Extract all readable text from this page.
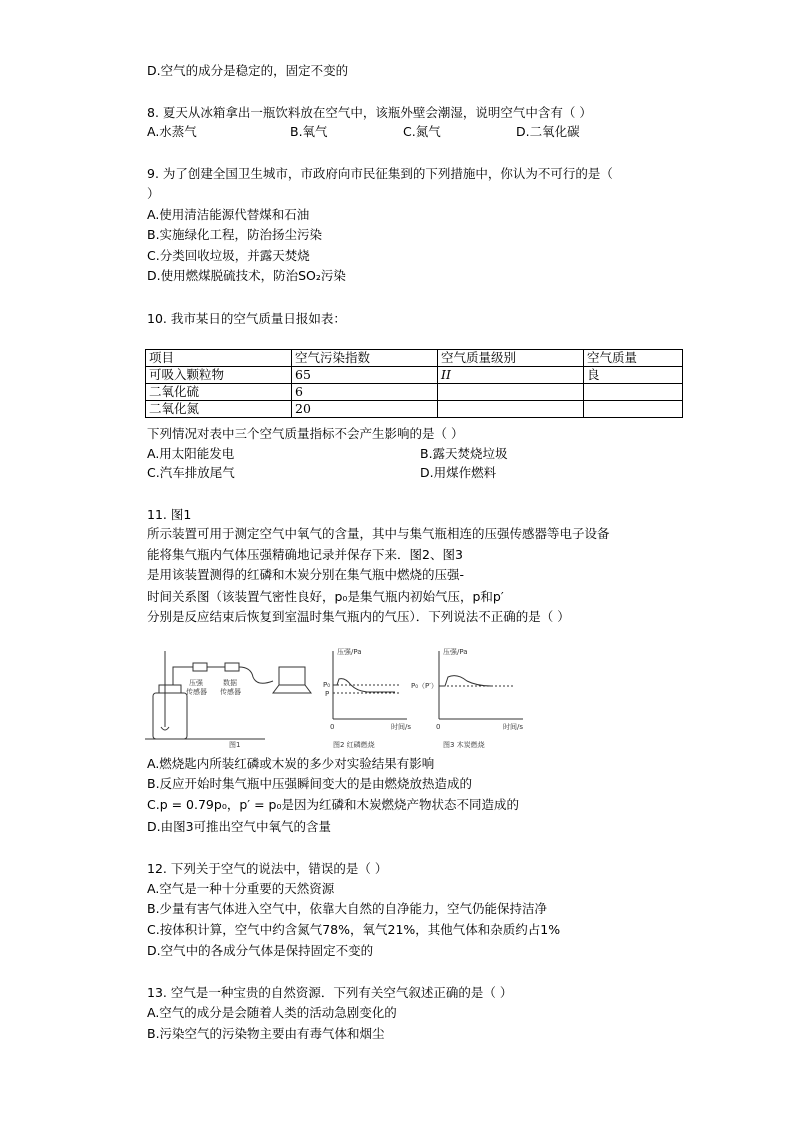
D.空气的成分是稳定的，固定不变的
8. 夏天从冰箱拿出一瓶饮料放在空气中，该瓶外壁会潮湿，说明空气中含有（ ）
A.水蒸气	B.氧气	C.氮气	D.二氧化碳
9. 为了创建全国卫生城市，市政府向市民征集到的下列措施中，你认为不可行的是（
）
A.使用清洁能源代替煤和石油
B.实施绿化工程，防治扬尘污染
C.分类回收垃圾，并露天焚烧
D.使用燃煤脱硫技术，防治SO₂污染
10. 我市某日的空气质量日报如表：
项目	空气污染指数	空气质量级别	空气质量
可吸入颗粒物	65	II	良
二氧化硫	6		
二氧化氮	20		
下列情况对表中三个空气质量指标不会产生影响的是（ ）
A.用太阳能发电	B.露天焚烧垃圾
C.汽车排放尾气	D.用煤作燃料
11. 图1
所示装置可用于测定空气中氧气的含量，其中与集气瓶相连的压强传感器等电子设备
能将集气瓶内气体压强精确地记录并保存下来．图2、图3
是用该装置测得的红磷和木炭分别在集气瓶中燃烧的压强-
时间关系图（该装置气密性良好，p₀是集气瓶内初始气压，p和p′
分别是反应结束后恢复到室温时集气瓶内的气压）．下列说法不正确的是（ ）
压强
传感器
数据
传感器
图1
压强/Pa
P₀
P
0	时间/s
图2 红磷燃烧
压强/Pa
P₀（P′）
0	时间/s
图3 木炭燃烧
A.燃烧匙内所装红磷或木炭的多少对实验结果有影响
B.反应开始时集气瓶中压强瞬间变大的是由燃烧放热造成的
C.p = 0.79p₀，p′ = p₀是因为红磷和木炭燃烧产物状态不同造成的
D.由图3可推出空气中氧气的含量
12. 下列关于空气的说法中，错误的是（ ）
A.空气是一种十分重要的天然资源
B.少量有害气体进入空气中，依靠大自然的自净能力，空气仍能保持洁净
C.按体积计算，空气中约含氮气78%，氧气21%，其他气体和杂质约占1%
D.空气中的各成分气体是保持固定不变的
13. 空气是一种宝贵的自然资源．下列有关空气叙述正确的是（ ）
A.空气的成分是会随着人类的活动急剧变化的
B.污染空气的污染物主要由有毒气体和烟尘
